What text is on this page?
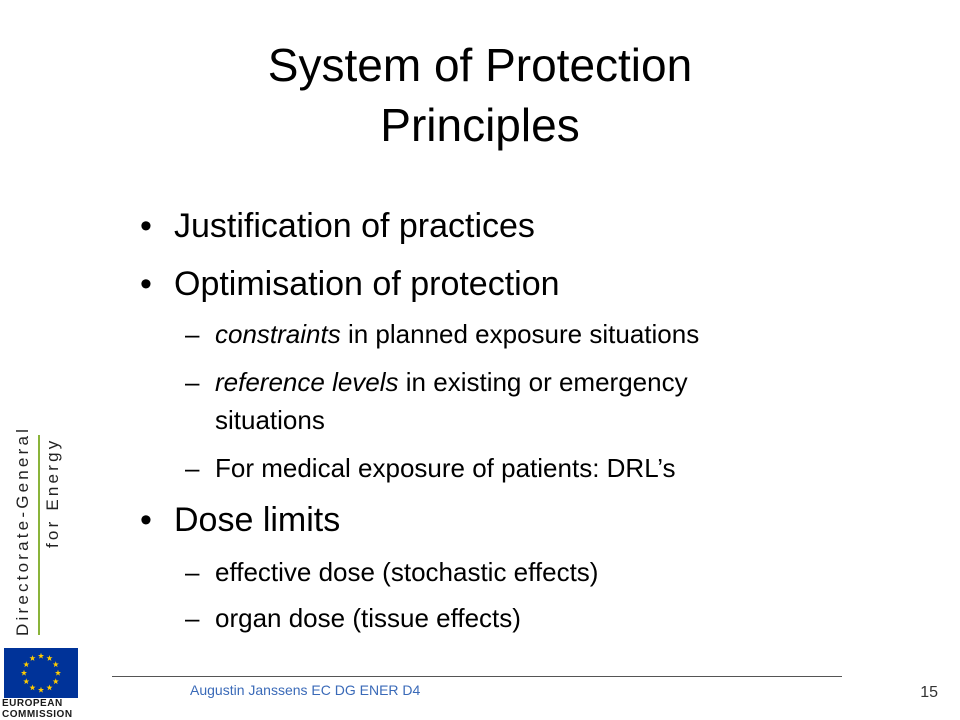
System of Protection
Principles
• Justification of practices
• Optimisation of protection
– constraints in planned exposure situations
– reference levels in existing or emergency
situations
– For medical exposure of patients: DRL’s
• Dose limits
– effective dose (stochastic effects)
– organ dose (tissue effects)
Directorate-General for Energy
EUROPEAN
COMMISSION
Augustin Janssens EC DG ENER D4	15
